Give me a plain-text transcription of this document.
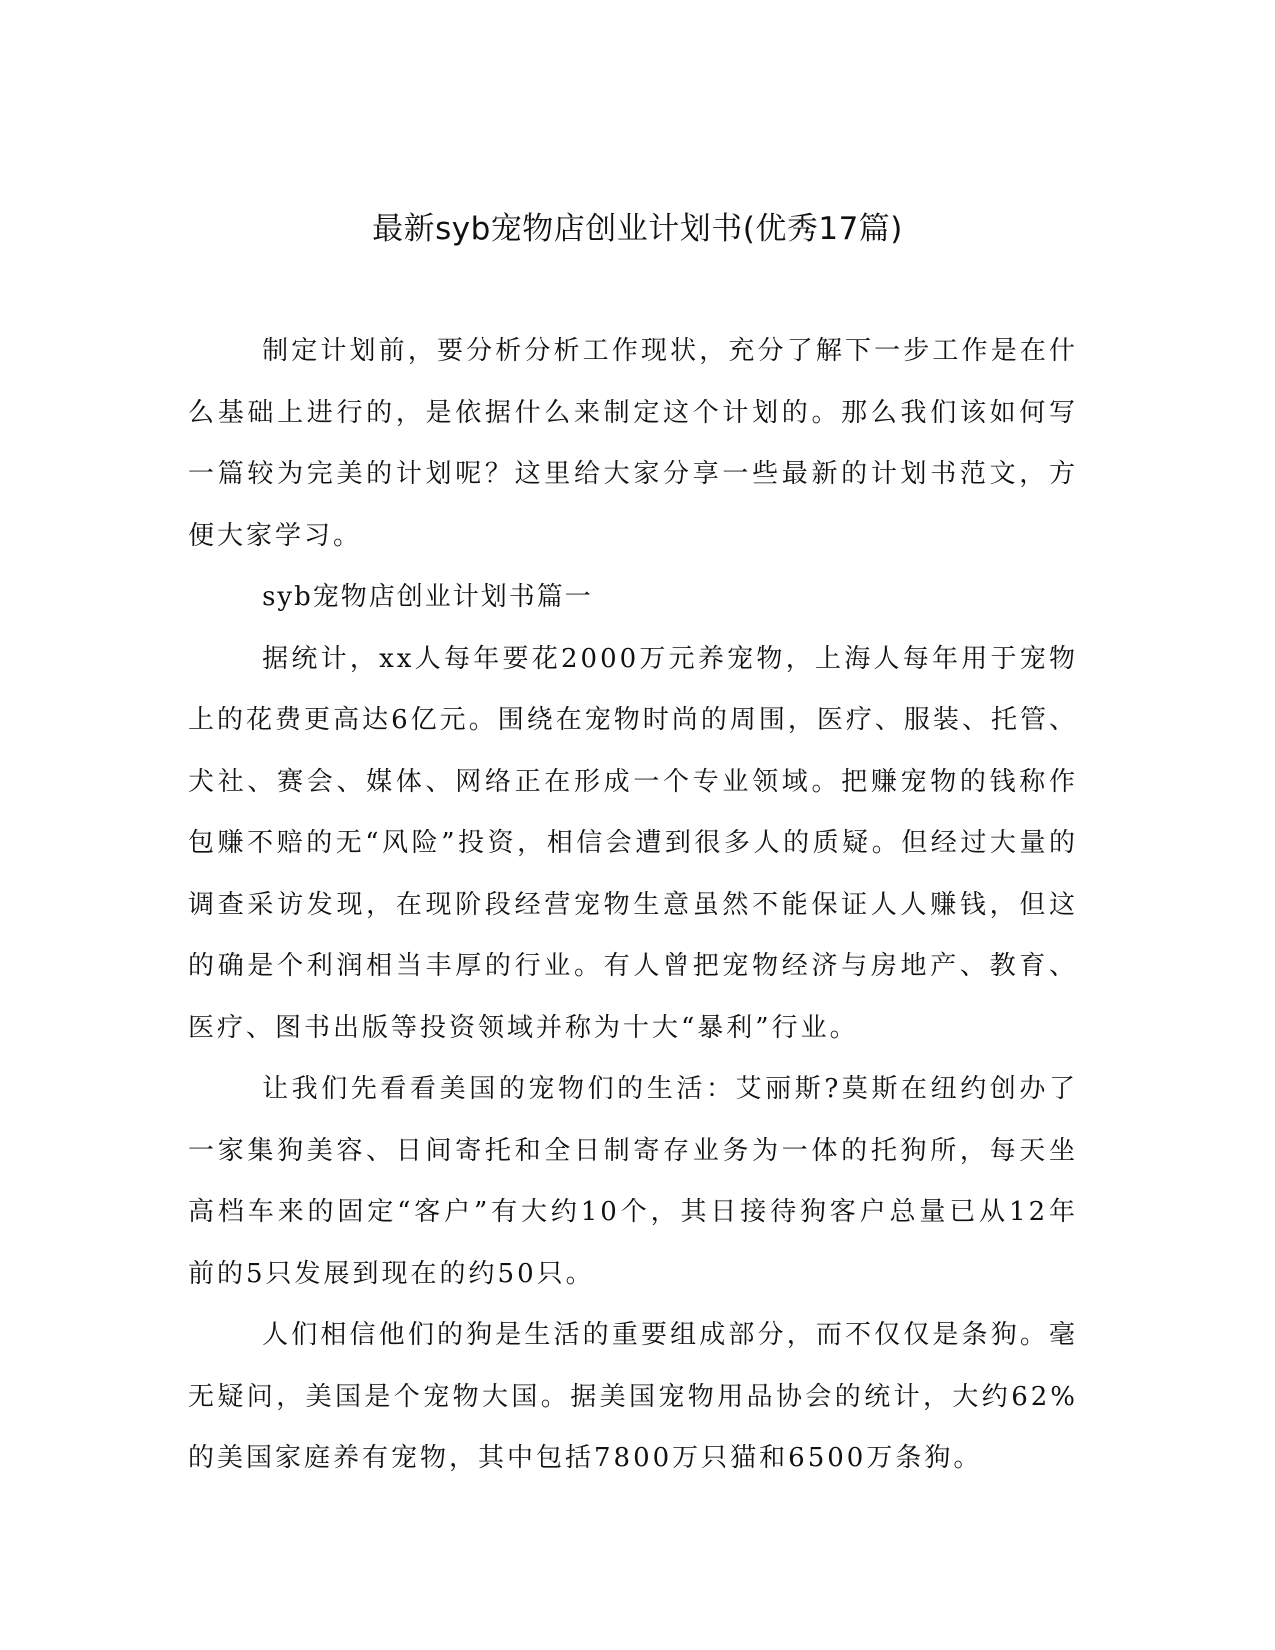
最新syb宠物店创业计划书(优秀17篇)

制定计划前，要分析分析工作现状，充分了解下一步工作是在什么基础上进行的，是依据什么来制定这个计划的。那么我们该如何写一篇较为完美的计划呢？这里给大家分享一些最新的计划书范文，方便大家学习。

syb宠物店创业计划书篇一

据统计，xx人每年要花2000万元养宠物，上海人每年用于宠物上的花费更高达6亿元。围绕在宠物时尚的周围，医疗、服装、托管、犬社、赛会、媒体、网络正在形成一个专业领域。把赚宠物的钱称作包赚不赔的无“风险”投资，相信会遭到很多人的质疑。但经过大量的调查采访发现，在现阶段经营宠物生意虽然不能保证人人赚钱，但这的确是个利润相当丰厚的行业。有人曾把宠物经济与房地产、教育、医疗、图书出版等投资领域并称为十大“暴利”行业。

让我们先看看美国的宠物们的生活：艾丽斯?莫斯在纽约创办了一家集狗美容、日间寄托和全日制寄存业务为一体的托狗所，每天坐高档车来的固定“客户”有大约10个，其日接待狗客户总量已从12年前的5只发展到现在的约50只。

人们相信他们的狗是生活的重要组成部分，而不仅仅是条狗。毫无疑问，美国是个宠物大国。据美国宠物用品协会的统计，大约62%的美国家庭养有宠物，其中包括7800万只猫和6500万条狗。
